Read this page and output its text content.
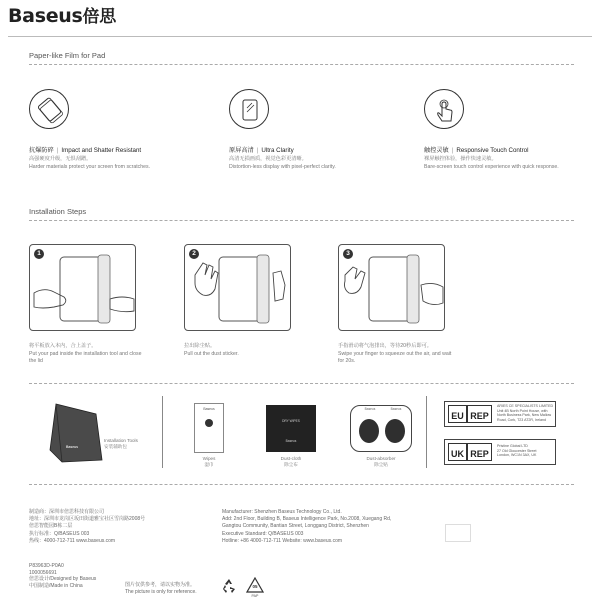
Baseus倍思
Paper-like Film for Pad
抗爆防碎 | Impact and Shatter Resistant
高强硬度升级，无惧刮蹭。
Harder materials protect your screen from scratches.
原屏高清 | Ultra Clarity
高清无损画质，视觉色彩更清晰。
Distortion-less display with pixel-perfect clarity.
触控灵敏 | Responsive Touch Control
裸屏触控体验，操作快速灵敏。
Bare-screen touch control experience with quick response.
Installation Steps
1	2	3
将平板放入本内，合上盖子。
Put your pad inside the installation tool and close the lid
拉出除尘贴。
Pull out the dust sticker.
手指滑动将气泡排出，等待20秒后即可。
Swipe your finger to squeeze out the air, and wait for 20s.
Baseus
Installation Tools
安装辅助包
Baseus
Wipes
湿巾
DRY WIPES
Baseus
Dust-cloth
除尘布
Baseus	Baseus
Dust-absorber
除尘贴
EU REP
ARIES CE SPECIALISTS LIMITED
Unit 4B North Point House, with
North Business Park, New Mallow
Road, Cork, T23 AT2R, Ireland
UK REP
Pristine Global LTD
27 Old Gloucester Street
London, WC1N 3AX, UK
制造商：深圳市倍思科技有限公司
地址：深圳市龙岗区坂田街道雅宝社区雪岗路2008号
倍思智能园B栋二层
执行标准：Q/BASEUS 003
热线：4000-712-711 www.baseus.com
Manufacturer: Shenzhen Baseus Technology Co., Ltd.
Add: 2nd Floor, Building B, Baseus Intelligence Park, No.2008, Xuegang Rd,
Gangtou Community, Bantian Street, Longgang District, Shenzhen
Executive Standard: Q/BASEUS 003
Hotline: +86 4000-712-711 Website: www.baseus.com
P83963D-P0A0
1000056691
倍思设计/Designed by Baseus
中国制造/Made in China	图片仅供参考，请以实物为准。
The picture is only for reference.
05
PAP
